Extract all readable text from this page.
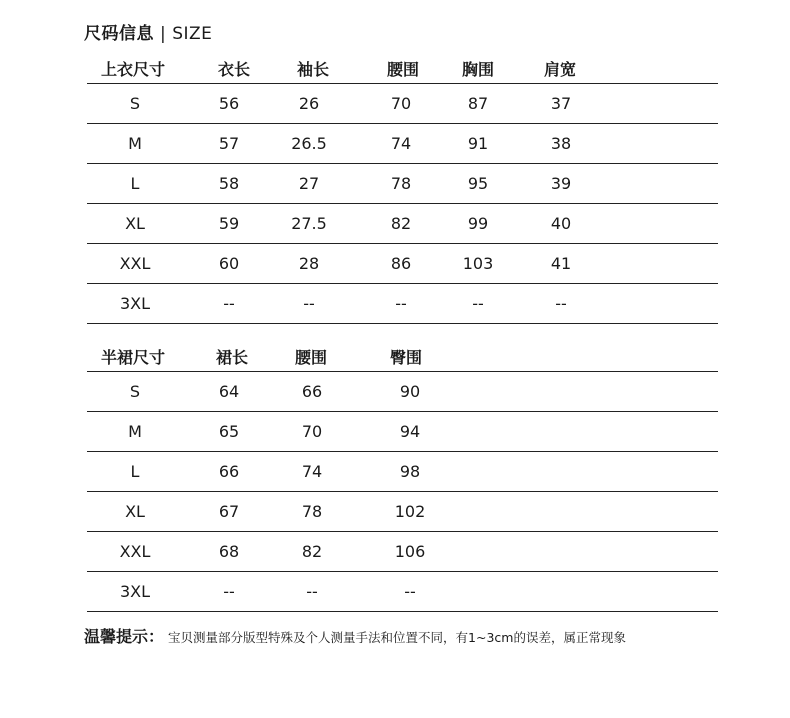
尺码信息 | SIZE
上衣尺寸	衣长	袖长	腰围	胸围	肩宽
S	56	26	70	87	37
M	57	26.5	74	91	38
L	58	27	78	95	39
XL	59	27.5	82	99	40
XXL	60	28	86	103	41
3XL	--	--	--	--	--
半裙尺寸	裙长	腰围	臀围
S	64	66	90
M	65	70	94
L	66	74	98
XL	67	78	102
XXL	68	82	106
3XL	--	--	--
温馨提示： 宝贝测量部分版型特殊及个人测量手法和位置不同，有1~3cm的误差，属正常现象
